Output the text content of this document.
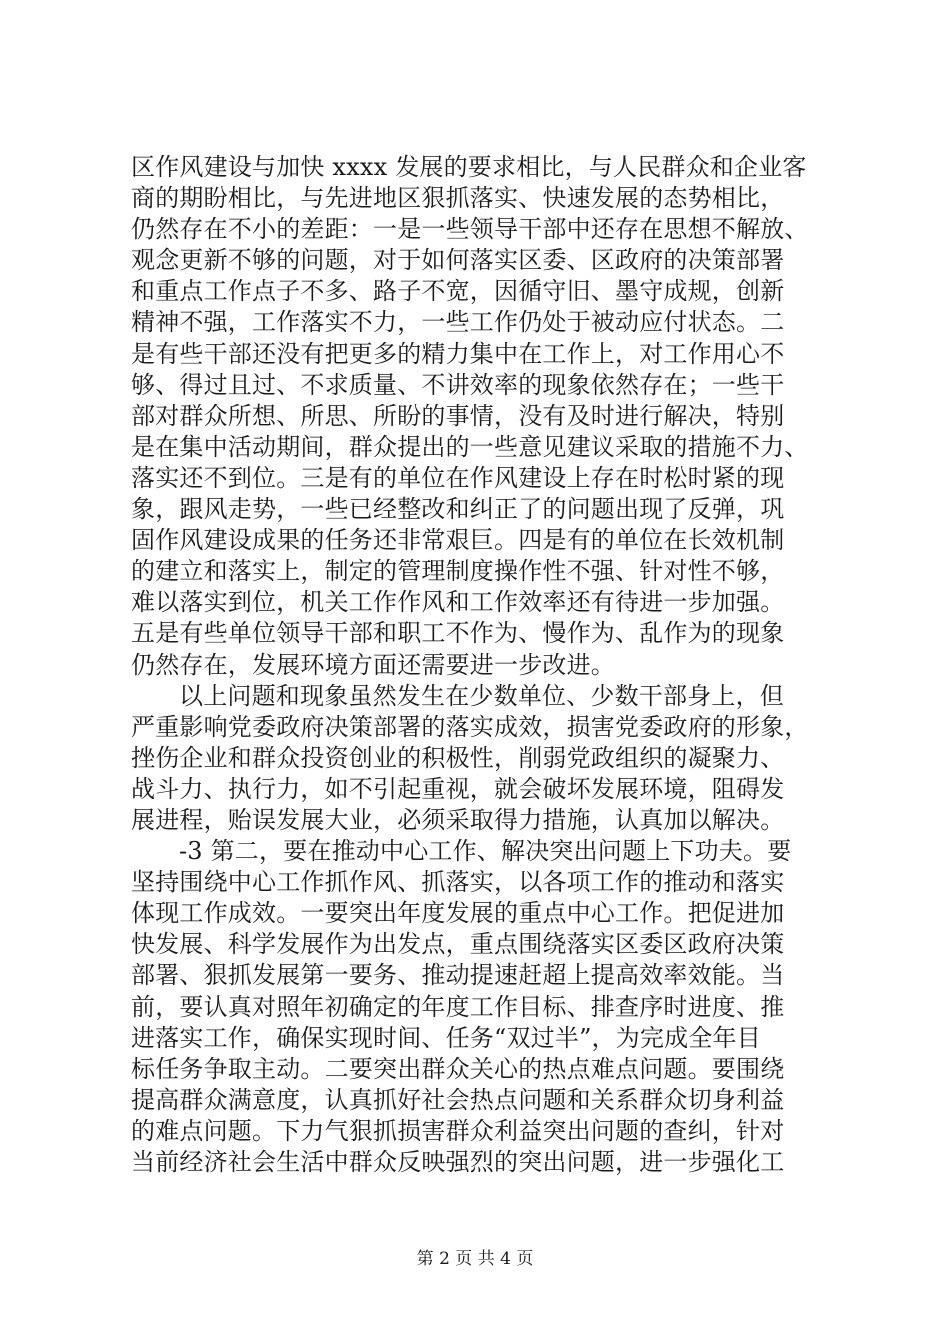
区作风建设与加快 xxxx 发展的要求相比，与人民群众和企业客
商的期盼相比，与先进地区狠抓落实、快速发展的态势相比，
仍然存在不小的差距：一是一些领导干部中还存在思想不解放、
观念更新不够的问题，对于如何落实区委、区政府的决策部署
和重点工作点子不多、路子不宽，因循守旧、墨守成规，创新
精神不强，工作落实不力，一些工作仍处于被动应付状态。二
是有些干部还没有把更多的精力集中在工作上，对工作用心不
够、得过且过、不求质量、不讲效率的现象依然存在；一些干
部对群众所想、所思、所盼的事情，没有及时进行解决，特别
是在集中活动期间，群众提出的一些意见建议采取的措施不力、
落实还不到位。三是有的单位在作风建设上存在时松时紧的现
象，跟风走势，一些已经整改和纠正了的问题出现了反弹，巩
固作风建设成果的任务还非常艰巨。四是有的单位在长效机制
的建立和落实上，制定的管理制度操作性不强、针对性不够，
难以落实到位，机关工作作风和工作效率还有待进一步加强。
五是有些单位领导干部和职工不作为、慢作为、乱作为的现象
仍然存在，发展环境方面还需要进一步改进。
以上问题和现象虽然发生在少数单位、少数干部身上，但
严重影响党委政府决策部署的落实成效，损害党委政府的形象，
挫伤企业和群众投资创业的积极性，削弱党政组织的凝聚力、
战斗力、执行力，如不引起重视，就会破坏发展环境，阻碍发
展进程，贻误发展大业，必须采取得力措施，认真加以解决。
-3 第二，要在推动中心工作、解决突出问题上下功夫。要
坚持围绕中心工作抓作风、抓落实，以各项工作的推动和落实
体现工作成效。一要突出年度发展的重点中心工作。把促进加
快发展、科学发展作为出发点，重点围绕落实区委区政府决策
部署、狠抓发展第一要务、推动提速赶超上提高效率效能。当
前，要认真对照年初确定的年度工作目标、排查序时进度、推
进落实工作，确保实现时间、任务“双过半”，为完成全年目
标任务争取主动。二要突出群众关心的热点难点问题。要围绕
提高群众满意度，认真抓好社会热点问题和关系群众切身利益
的难点问题。下力气狠抓损害群众利益突出问题的查纠，针对
当前经济社会生活中群众反映强烈的突出问题，进一步强化工
第 2 页 共 4 页
